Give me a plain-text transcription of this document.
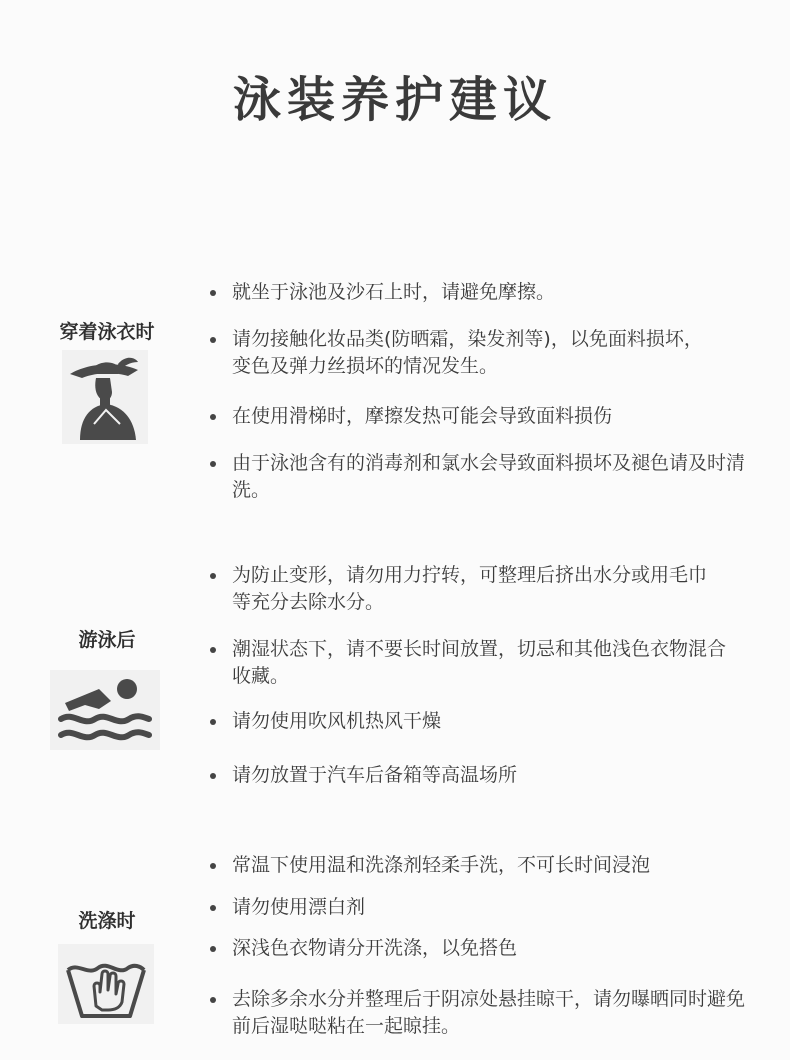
泳装养护建议
穿着泳衣时
就坐于泳池及沙石上时，请避免摩擦。
请勿接触化妆品类(防晒霜，染发剂等)，以免面料损坏，变色及弹力丝损坏的情况发生。
在使用滑梯时，摩擦发热可能会导致面料损伤
由于泳池含有的消毒剂和氯水会导致面料损坏及褪色请及时清洗。
游泳后
为防止变形，请勿用力拧转，可整理后挤出水分或用毛巾等充分去除水分。
潮湿状态下，请不要长时间放置，切忌和其他浅色衣物混合收藏。
请勿使用吹风机热风干燥
请勿放置于汽车后备箱等高温场所
洗涤时
常温下使用温和洗涤剂轻柔手洗，不可长时间浸泡
请勿使用漂白剂
深浅色衣物请分开洗涤，以免搭色
去除多余水分并整理后于阴凉处悬挂晾干，请勿曝晒同时避免前后湿哒哒粘在一起晾挂。
